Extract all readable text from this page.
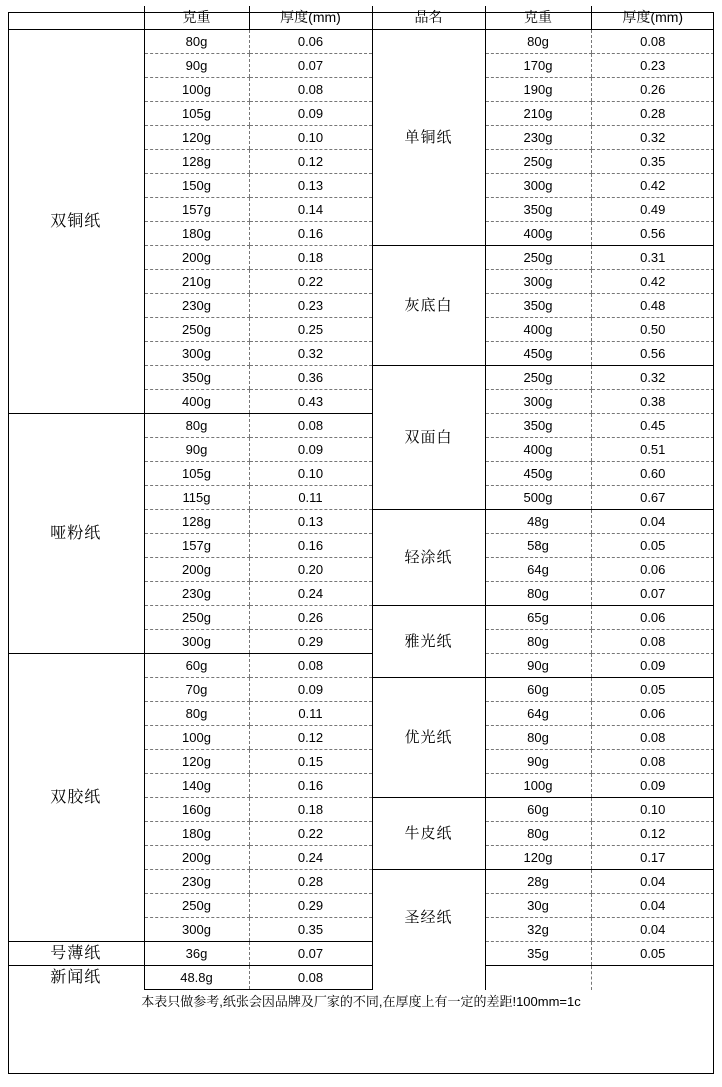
	克重	厚度(mm)	品名	克重	厚度(mm)
双铜纸	80g	0.06	单铜纸	80g	0.08
	90g	0.07		170g	0.23
	100g	0.08		190g	0.26
	105g	0.09		210g	0.28
	120g	0.10		230g	0.32
	128g	0.12		250g	0.35
	150g	0.13		300g	0.42
	157g	0.14		350g	0.49
	180g	0.16		400g	0.56
	200g	0.18	灰底白	250g	0.31
	210g	0.22		300g	0.42
	230g	0.23		350g	0.48
	250g	0.25		400g	0.50
	300g	0.32		450g	0.56
	350g	0.36	双面白	250g	0.32
	400g	0.43		300g	0.38
哑粉纸	80g	0.08		350g	0.45
	90g	0.09		400g	0.51
	105g	0.10		450g	0.60
	115g	0.11		500g	0.67
	128g	0.13	轻涂纸	48g	0.04
	157g	0.16		58g	0.05
	200g	0.20		64g	0.06
	230g	0.24		80g	0.07
	250g	0.26	雅光纸	65g	0.06
	300g	0.29		80g	0.08
双胶纸	60g	0.08		90g	0.09
	70g	0.09	优光纸	60g	0.05
	80g	0.11		64g	0.06
	100g	0.12		80g	0.08
	120g	0.15		90g	0.08
	140g	0.16		100g	0.09
	160g	0.18	牛皮纸	60g	0.10
	180g	0.22		80g	0.12
	200g	0.24		120g	0.17
	230g	0.28	圣经纸	28g	0.04
	250g	0.29		30g	0.04
	300g	0.35		32g	0.04
号薄纸	36g	0.07		35g	0.05
新闻纸	48.8g	0.08			
本表只做参考,纸张会因品牌及厂家的不同,在厚度上有一定的差距!100mm=1c					
